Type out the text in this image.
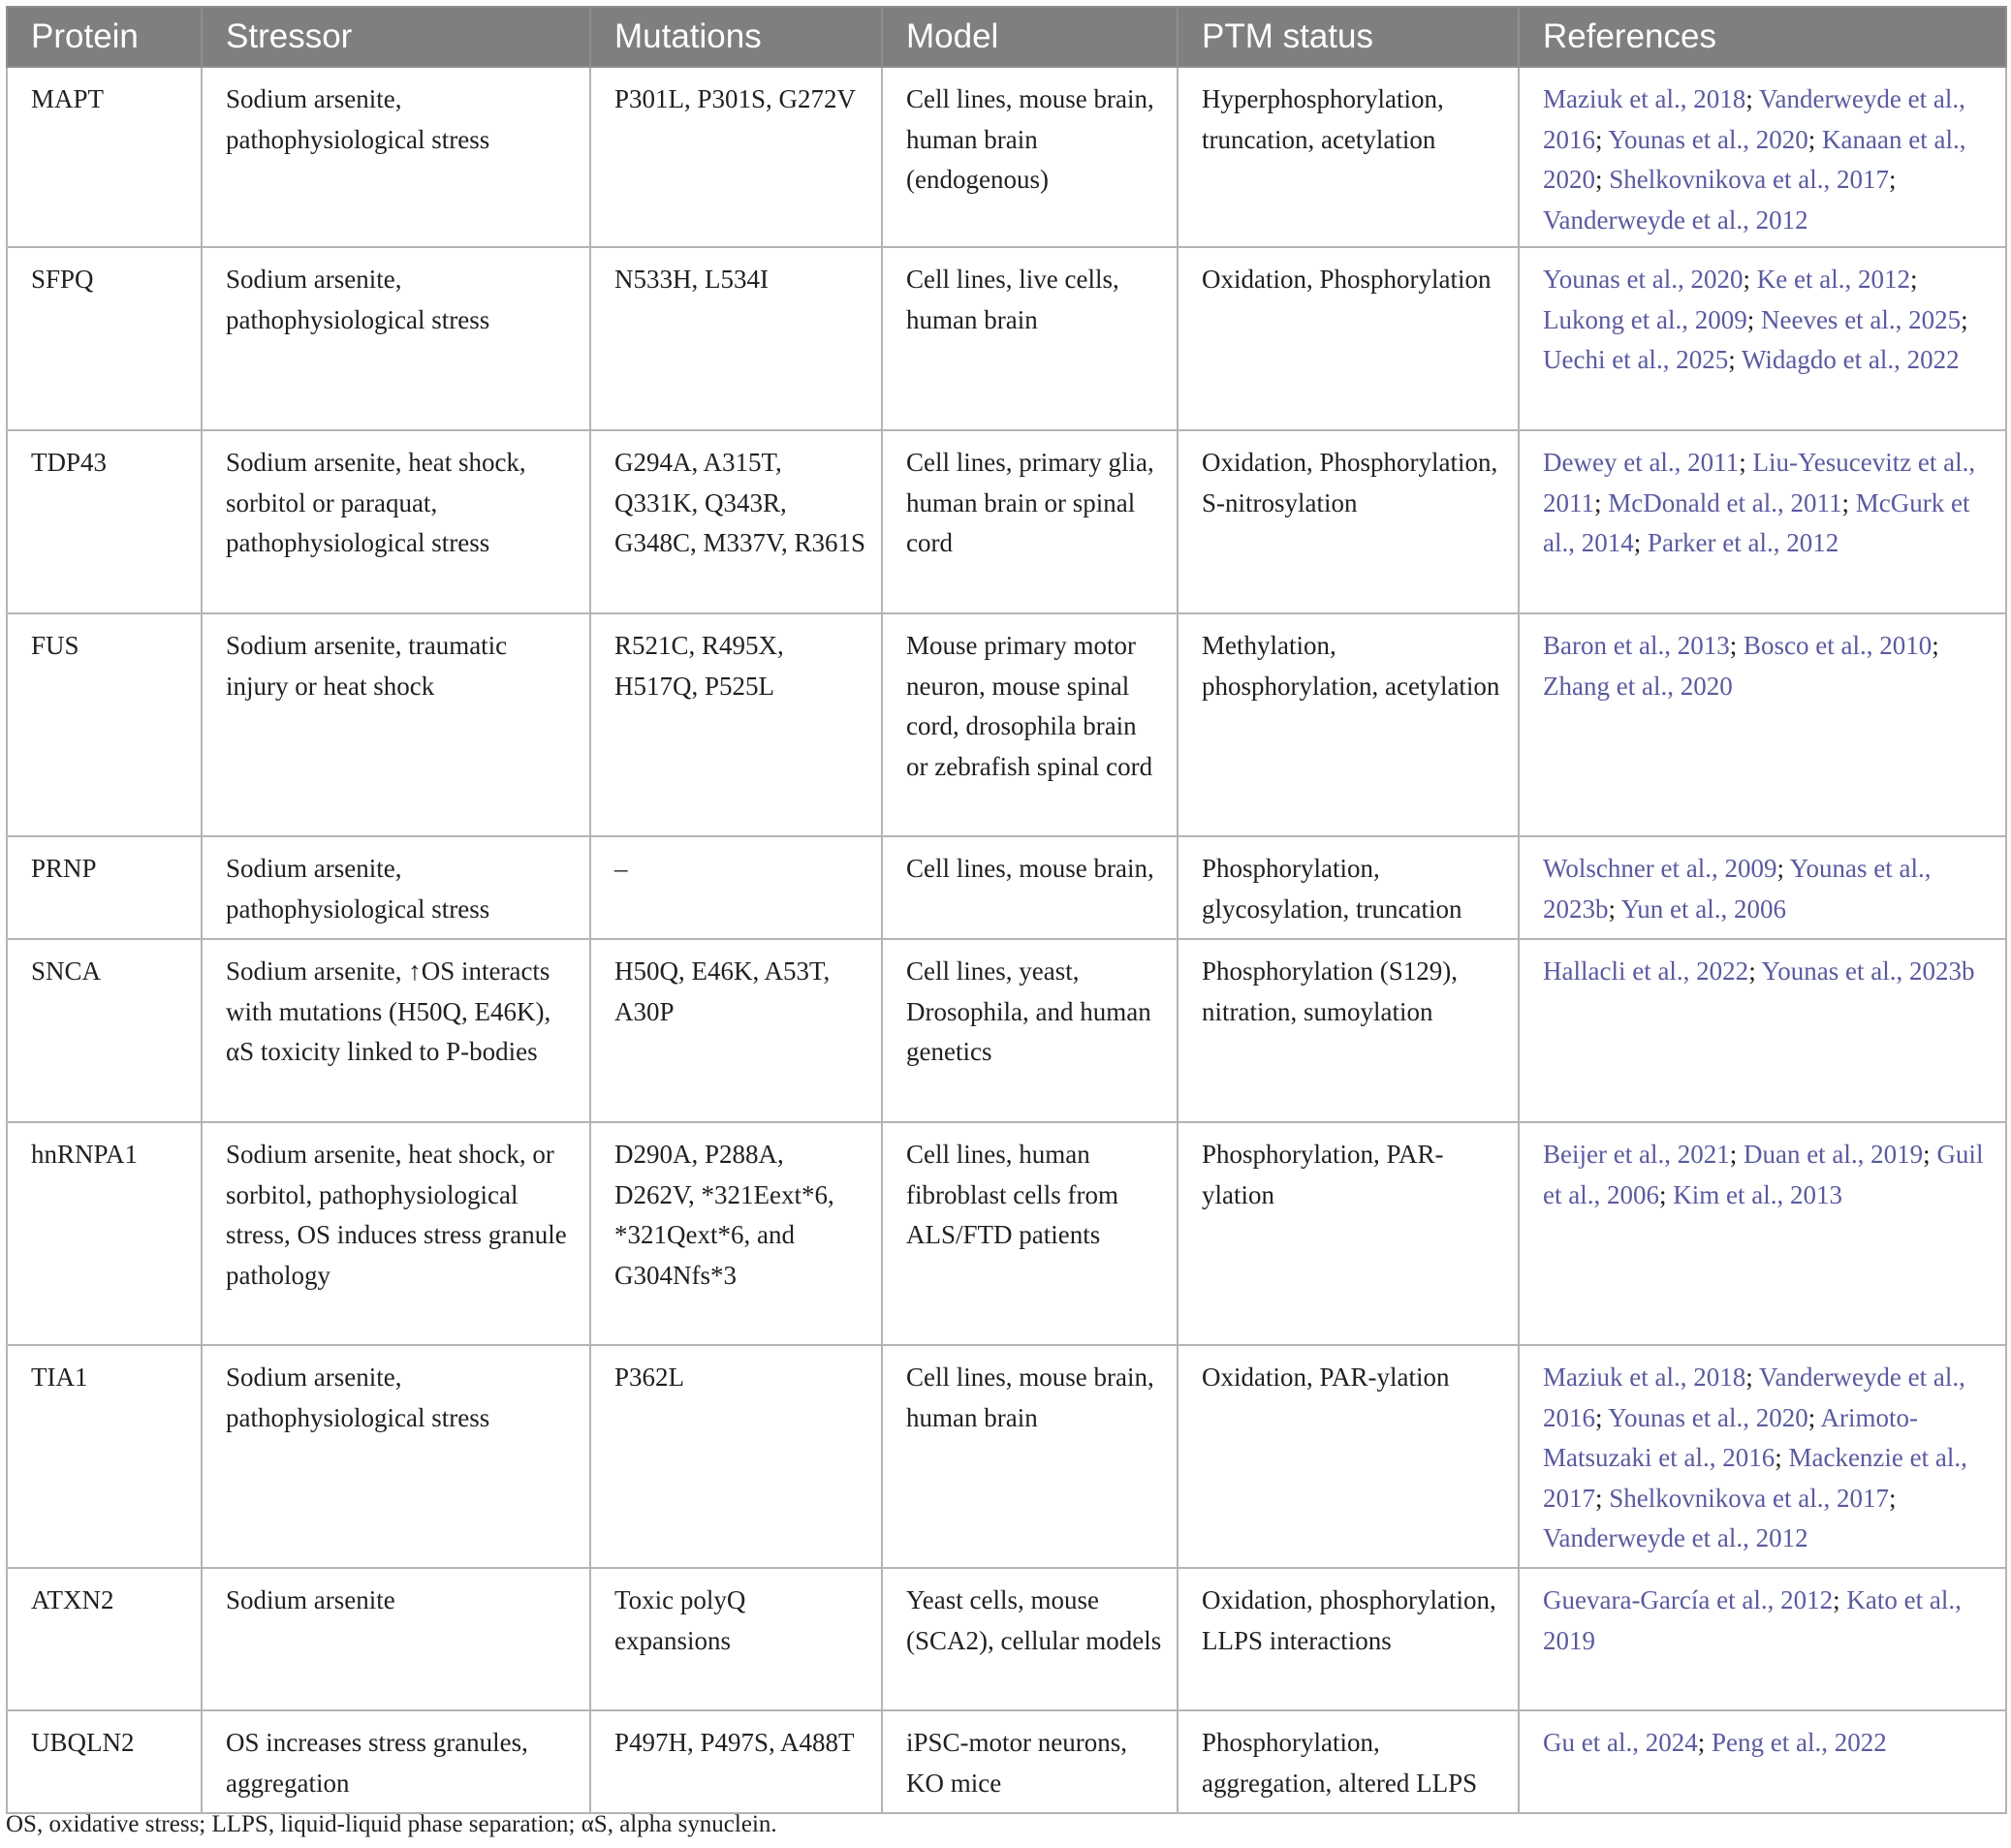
Protein	Stressor	Mutations	Model	PTM status	References
MAPT	Sodium arsenite, pathophysiological stress	P301L, P301S, G272V	Cell lines, mouse brain, human brain (endogenous)	Hyperphosphorylation, truncation, acetylation	Maziuk et al., 2018; Vanderweyde et al., 2016; Younas et al., 2020; Kanaan et al., 2020; Shelkovnikova et al., 2017; Vanderweyde et al., 2012
SFPQ	Sodium arsenite, pathophysiological stress	N533H, L534I	Cell lines, live cells, human brain	Oxidation, Phosphorylation	Younas et al., 2020; Ke et al., 2012; Lukong et al., 2009; Neeves et al., 2025; Uechi et al., 2025; Widagdo et al., 2022
TDP43	Sodium arsenite, heat shock, sorbitol or paraquat, pathophysiological stress	G294A, A315T, Q331K, Q343R, G348C, M337V, R361S	Cell lines, primary glia, human brain or spinal cord	Oxidation, Phosphorylation, S-nitrosylation	Dewey et al., 2011; Liu-Yesucevitz et al., 2011; McDonald et al., 2011; McGurk et al., 2014; Parker et al., 2012
FUS	Sodium arsenite, traumatic injury or heat shock	R521C, R495X, H517Q, P525L	Mouse primary motor neuron, mouse spinal cord, drosophila brain or zebrafish spinal cord	Methylation, phosphorylation, acetylation	Baron et al., 2013; Bosco et al., 2010; Zhang et al., 2020
PRNP	Sodium arsenite, pathophysiological stress	–	Cell lines, mouse brain,	Phosphorylation, glycosylation, truncation	Wolschner et al., 2009; Younas et al., 2023b; Yun et al., 2006
SNCA	Sodium arsenite, ↑OS interacts with mutations (H50Q, E46K), αS toxicity linked to P-bodies	H50Q, E46K, A53T, A30P	Cell lines, yeast, Drosophila, and human genetics	Phosphorylation (S129), nitration, sumoylation	Hallacli et al., 2022; Younas et al., 2023b
hnRNPA1	Sodium arsenite, heat shock, or sorbitol, pathophysiological stress, OS induces stress granule pathology	D290A, P288A, D262V, *321Eext*6, *321Qext*6, and G304Nfs*3	Cell lines, human fibroblast cells from ALS/FTD patients	Phosphorylation, PAR-ylation	Beijer et al., 2021; Duan et al., 2019; Guil et al., 2006; Kim et al., 2013
TIA1	Sodium arsenite, pathophysiological stress	P362L	Cell lines, mouse brain, human brain	Oxidation, PAR-ylation	Maziuk et al., 2018; Vanderweyde et al., 2016; Younas et al., 2020; Arimoto-Matsuzaki et al., 2016; Mackenzie et al., 2017; Shelkovnikova et al., 2017; Vanderweyde et al., 2012
ATXN2	Sodium arsenite	Toxic polyQ expansions	Yeast cells, mouse (SCA2), cellular models	Oxidation, phosphorylation, LLPS interactions	Guevara-García et al., 2012; Kato et al., 2019
UBQLN2	OS increases stress granules, aggregation	P497H, P497S, A488T	iPSC-motor neurons, KO mice	Phosphorylation, aggregation, altered LLPS	Gu et al., 2024; Peng et al., 2022
OS, oxidative stress; LLPS, liquid-liquid phase separation; αS, alpha synuclein.
